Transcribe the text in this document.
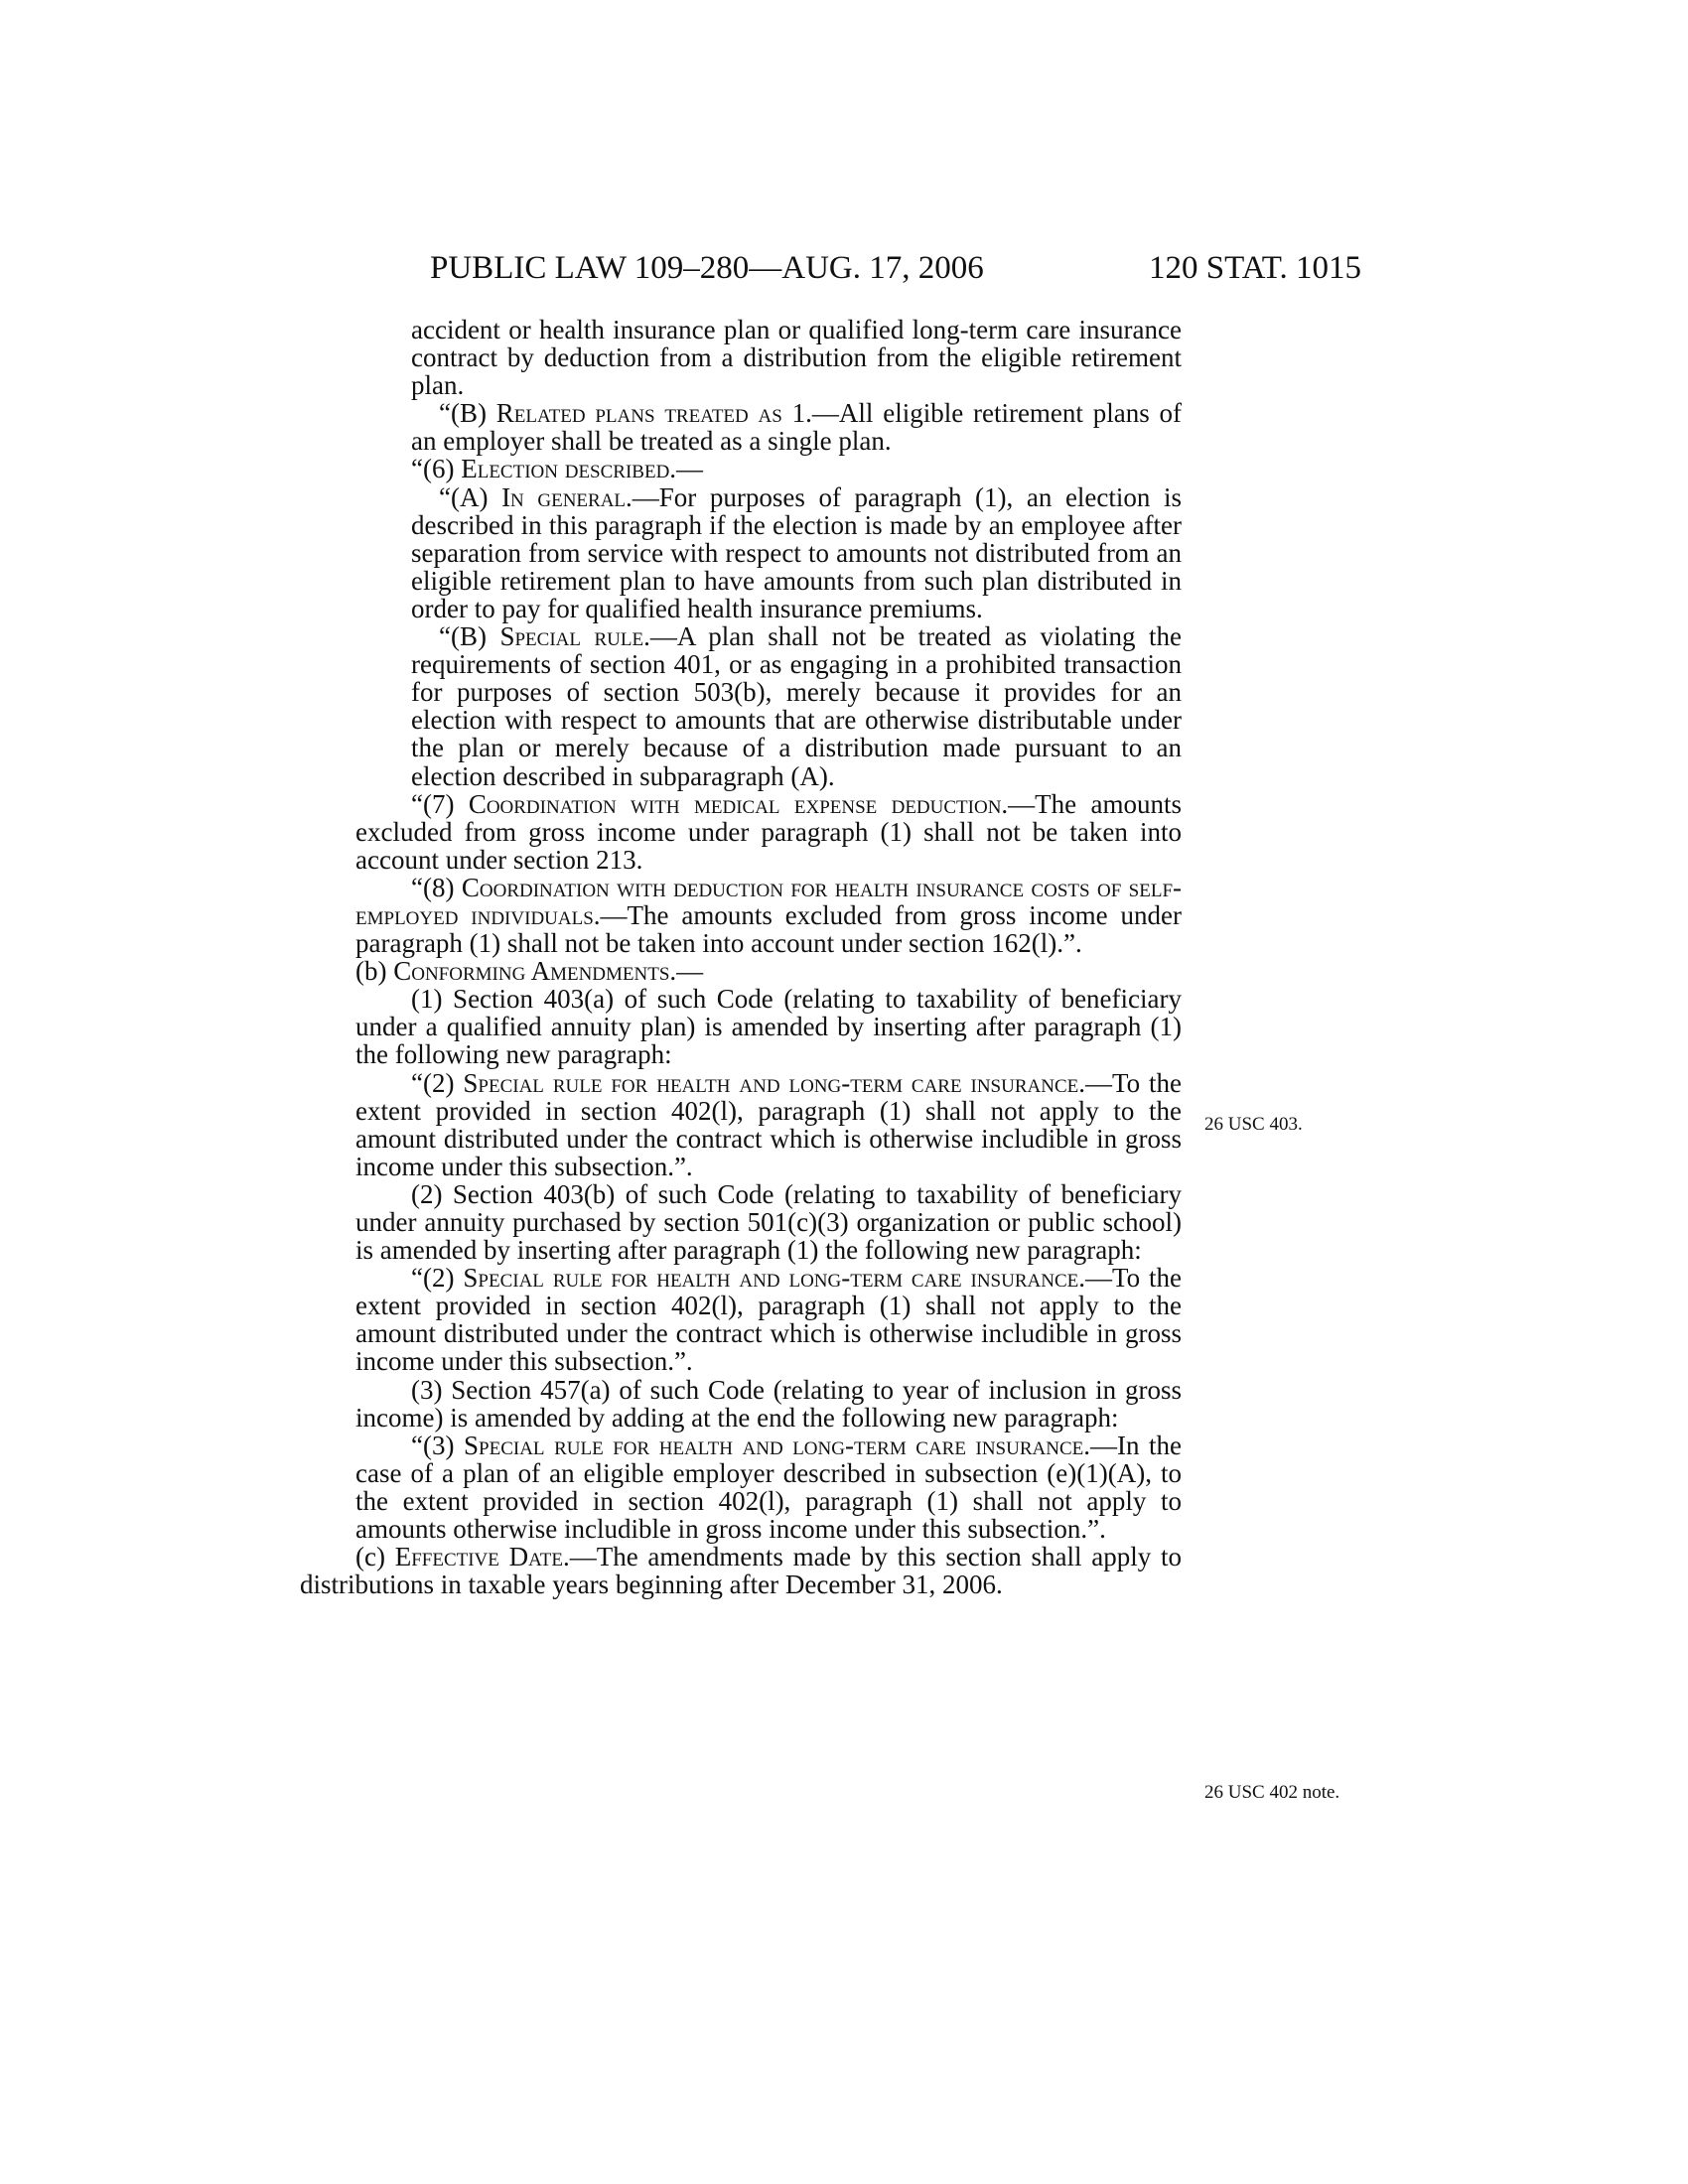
PUBLIC LAW 109–280—AUG. 17, 2006	120 STAT. 1015

accident or health insurance plan or qualified long-term care insurance contract by deduction from a distribution from the eligible retirement plan.

“(B) Related plans treated as 1.—All eligible retirement plans of an employer shall be treated as a single plan.

“(6) Election described.—

“(A) In general.—For purposes of paragraph (1), an election is described in this paragraph if the election is made by an employee after separation from service with respect to amounts not distributed from an eligible retirement plan to have amounts from such plan distributed in order to pay for qualified health insurance premiums.

“(B) Special rule.—A plan shall not be treated as violating the requirements of section 401, or as engaging in a prohibited transaction for purposes of section 503(b), merely because it provides for an election with respect to amounts that are otherwise distributable under the plan or merely because of a distribution made pursuant to an election described in subparagraph (A).

“(7) Coordination with medical expense deduction.—The amounts excluded from gross income under paragraph (1) shall not be taken into account under section 213.

“(8) Coordination with deduction for health insurance costs of self-employed individuals.—The amounts excluded from gross income under paragraph (1) shall not be taken into account under section 162(l).”.

(b) Conforming Amendments.—

(1) Section 403(a) of such Code (relating to taxability of beneficiary under a qualified annuity plan) is amended by inserting after paragraph (1) the following new paragraph:

“(2) Special rule for health and long-term care insurance.—To the extent provided in section 402(l), paragraph (1) shall not apply to the amount distributed under the contract which is otherwise includible in gross income under this subsection.”.

(2) Section 403(b) of such Code (relating to taxability of beneficiary under annuity purchased by section 501(c)(3) organization or public school) is amended by inserting after paragraph (1) the following new paragraph:

“(2) Special rule for health and long-term care insurance.—To the extent provided in section 402(l), paragraph (1) shall not apply to the amount distributed under the contract which is otherwise includible in gross income under this subsection.”.

(3) Section 457(a) of such Code (relating to year of inclusion in gross income) is amended by adding at the end the following new paragraph:

“(3) Special rule for health and long-term care insurance.—In the case of a plan of an eligible employer described in subsection (e)(1)(A), to the extent provided in section 402(l), paragraph (1) shall not apply to amounts otherwise includible in gross income under this subsection.”.

(c) Effective Date.—The amendments made by this section shall apply to distributions in taxable years beginning after December 31, 2006.

26 USC 403.
26 USC 402 note.
